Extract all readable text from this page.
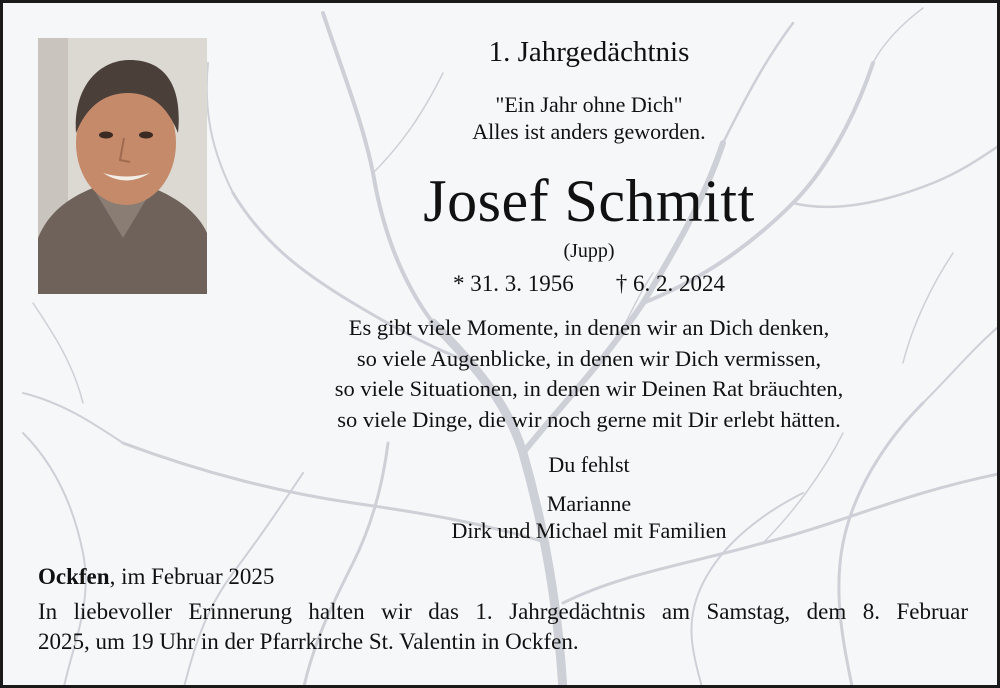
1. Jahrgedächtnis
"Ein Jahr ohne Dich"
Alles ist anders geworden.
Josef Schmitt
(Jupp)
* 31. 3. 1956 † 6. 2. 2024
Es gibt viele Momente, in denen wir an Dich denken,
so viele Augenblicke, in denen wir Dich vermissen,
so viele Situationen, in denen wir Deinen Rat bräuchten,
so viele Dinge, die wir noch gerne mit Dir erlebt hätten.
Du fehlst
Marianne
Dirk und Michael mit Familien
Ockfen, im Februar 2025
In liebevoller Erinnerung halten wir das 1. Jahrgedächtnis am Samstag, dem 8. Februar
2025, um 19 Uhr in der Pfarrkirche St. Valentin in Ockfen.
